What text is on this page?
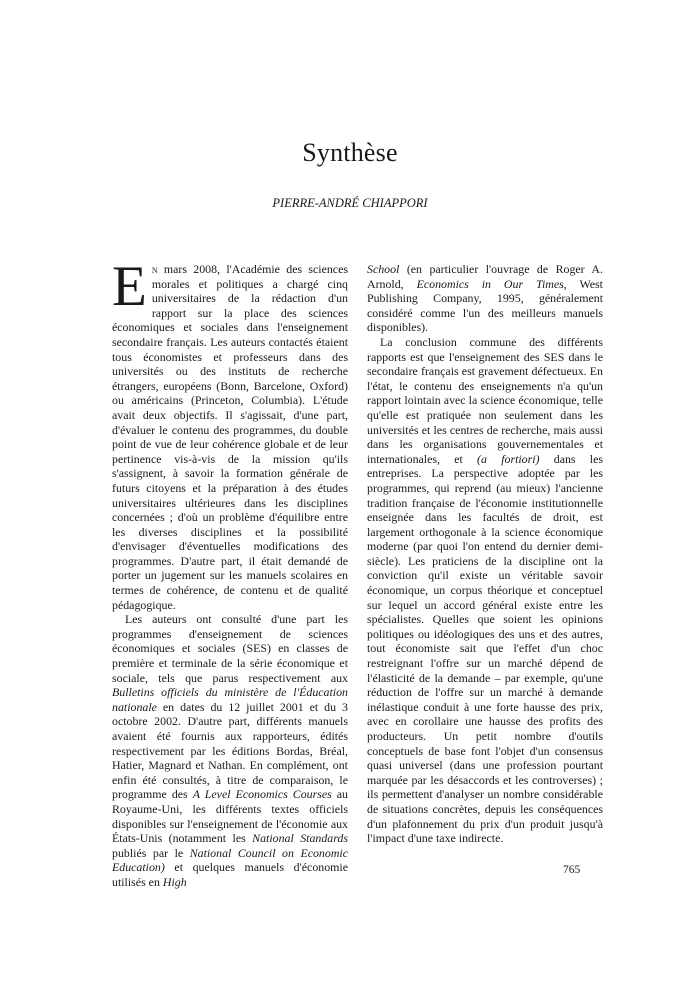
Synthèse
PIERRE-ANDRÉ CHIAPPORI

En mars 2008, l'Académie des sciences morales et politiques a chargé cinq universitaires de la rédaction d'un rapport sur la place des sciences économiques et sociales dans l'enseignement secondaire français. Les auteurs contactés étaient tous économistes et professeurs dans des universités ou des instituts de recherche étrangers, européens (Bonn, Barcelone, Oxford) ou américains (Princeton, Columbia). L'étude avait deux objectifs. Il s'agissait, d'une part, d'évaluer le contenu des programmes, du double point de vue de leur cohérence globale et de leur pertinence vis-à-vis de la mission qu'ils s'assignent, à savoir la formation générale de futurs citoyens et la préparation à des études universitaires ultérieures dans les disciplines concernées ; d'où un problème d'équilibre entre les diverses disciplines et la possibilité d'envisager d'éventuelles modifications des programmes. D'autre part, il était demandé de porter un jugement sur les manuels scolaires en termes de cohérence, de contenu et de qualité pédagogique.

Les auteurs ont consulté d'une part les programmes d'enseignement de sciences économiques et sociales (SES) en classes de première et terminale de la série économique et sociale, tels que parus respectivement aux Bulletins officiels du ministère de l'Éducation nationale en dates du 12 juillet 2001 et du 3 octobre 2002. D'autre part, différents manuels avaient été fournis aux rapporteurs, édités respectivement par les éditions Bordas, Bréal, Hatier, Magnard et Nathan. En complément, ont enfin été consultés, à titre de comparaison, le programme des A Level Economics Courses au Royaume-Uni, les différents textes officiels disponibles sur l'enseignement de l'économie aux États-Unis (notamment les National Standards publiés par le National Council on Economic Education) et quelques manuels d'économie utilisés en High

School (en particulier l'ouvrage de Roger A. Arnold, Economics in Our Times, West Publishing Company, 1995, généralement considéré comme l'un des meilleurs manuels disponibles).

La conclusion commune des différents rapports est que l'enseignement des SES dans le secondaire français est gravement défectueux. En l'état, le contenu des enseignements n'a qu'un rapport lointain avec la science économique, telle qu'elle est pratiquée non seulement dans les universités et les centres de recherche, mais aussi dans les organisations gouvernementales et internationales, et (a fortiori) dans les entreprises. La perspective adoptée par les programmes, qui reprend (au mieux) l'ancienne tradition française de l'économie institutionnelle enseignée dans les facultés de droit, est largement orthogonale à la science économique moderne (par quoi l'on entend du dernier demi-siècle). Les praticiens de la discipline ont la conviction qu'il existe un véritable savoir économique, un corpus théorique et conceptuel sur lequel un accord général existe entre les spécialistes. Quelles que soient les opinions politiques ou idéologiques des uns et des autres, tout économiste sait que l'effet d'un choc restreignant l'offre sur un marché dépend de l'élasticité de la demande – par exemple, qu'une réduction de l'offre sur un marché à demande inélastique conduit à une forte hausse des prix, avec en corollaire une hausse des profits des producteurs. Un petit nombre d'outils conceptuels de base font l'objet d'un consensus quasi universel (dans une profession pourtant marquée par les désaccords et les controverses) ; ils permettent d'analyser un nombre considérable de situations concrètes, depuis les conséquences d'un plafonnement du prix d'un produit jusqu'à l'impact d'une taxe indirecte.

765
